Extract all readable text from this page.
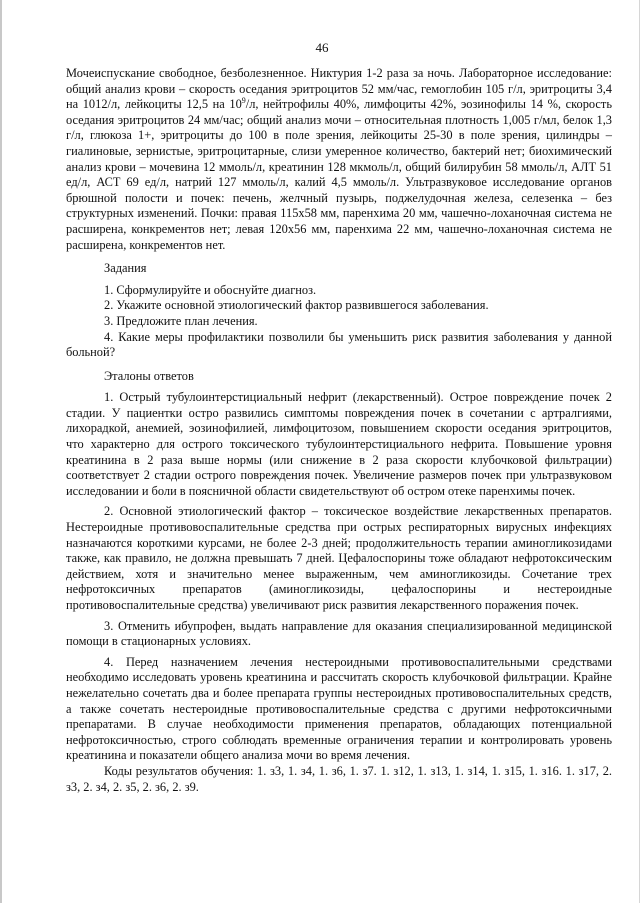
46

Мочеиспускание свободное, безболезненное. Никтурия 1-2 раза за ночь. Лабораторное исследование: общий анализ крови – скорость оседания эритроцитов 52 мм/час, гемоглобин 105 г/л, эритроциты 3,4 на 1012/л, лейкоциты 12,5 на $10^9/л$, нейтрофилы 40%, лимфоциты 42%, эозинофилы 14 %, скорость оседания эритроцитов 24 мм/час; общий анализ мочи – относительная плотность 1,005 г/мл, белок 1,3 г/л, глюкоза 1+, эритроциты до 100 в поле зрения, лейкоциты 25-30 в поле зрения, цилиндры – гиалиновые, зернистые, эритроцитарные, слизи умеренное количество, бактерий нет; биохимический анализ крови – мочевина 12 ммоль/л, креатинин 128 мкмоль/л, общий билирубин 58 ммоль/л, АЛТ 51 ед/л, АСТ 69 ед/л, натрий 127 ммоль/л, калий 4,5 ммоль/л. Ультразвуковое исследование органов брюшной полости и почек: печень, желчный пузырь, поджелудочная железа, селезенка – без структурных изменений. Почки: правая 115х58 мм, паренхима 20 мм, чашечно-лоханочная система не расширена, конкрементов нет; левая 120х56 мм, паренхима 22 мм, чашечно-лоханочная система не расширена, конкрементов нет.

Задания

1. Сформулируйте и обоснуйте диагноз.

2. Укажите основной этиологический фактор развившегося заболевания.

3. Предложите план лечения.

4. Какие меры профилактики позволили бы уменьшить риск развития заболевания у данной больной?

Эталоны ответов

1. Острый тубулоинтерстициальный нефрит (лекарственный). Острое повреждение почек 2 стадии. У пациентки остро развились симптомы повреждения почек в сочетании с артралгиями, лихорадкой, анемией, эозинофилией, лимфоцитозом, повышением скорости оседания эритроцитов, что характерно для острого токсического тубулоинтерстициального нефрита. Повышение уровня креатинина в 2 раза выше нормы (или снижение в 2 раза скорости клубочковой фильтрации) соответствует 2 стадии острого повреждения почек. Увеличение размеров почек при ультразвуковом исследовании и боли в поясничной области свидетельствуют об остром отеке паренхимы почек.

2. Основной этиологический фактор – токсическое воздействие лекарственных препаратов. Нестероидные противовоспалительные средства при острых респираторных вирусных инфекциях назначаются короткими курсами, не более 2-3 дней; продолжительность терапии аминогликозидами также, как правило, не должна превышать 7 дней. Цефалоспорины тоже обладают нефротоксическим действием, хотя и значительно менее выраженным, чем аминогликозиды. Сочетание трех нефротоксичных препаратов (аминогликозиды, цефалоспорины и нестероидные противовоспалительные средства) увеличивают риск развития лекарственного поражения почек.

3. Отменить ибупрофен, выдать направление для оказания специализированной медицинской помощи в стационарных условиях.

4. Перед назначением лечения нестероидными противовоспалительными средствами необходимо исследовать уровень креатинина и рассчитать скорость клубочковой фильтрации. Крайне нежелательно сочетать два и более препарата группы нестероидных противовоспалительных средств, а также сочетать нестероидные противовоспалительные средства с другими нефротоксичными препаратами. В случае необходимости применения препаратов, обладающих потенциальной нефротоксичностью, строго соблюдать временные ограничения терапии и контролировать уровень креатинина и показатели общего анализа мочи во время лечения.

Коды результатов обучения: 1. з3, 1. з4, 1. з6, 1. з7. 1. з12, 1. з13, 1. з14, 1. з15, 1. з16. 1. з17, 2. з3, 2. з4, 2. з5, 2. з6, 2. з9.
